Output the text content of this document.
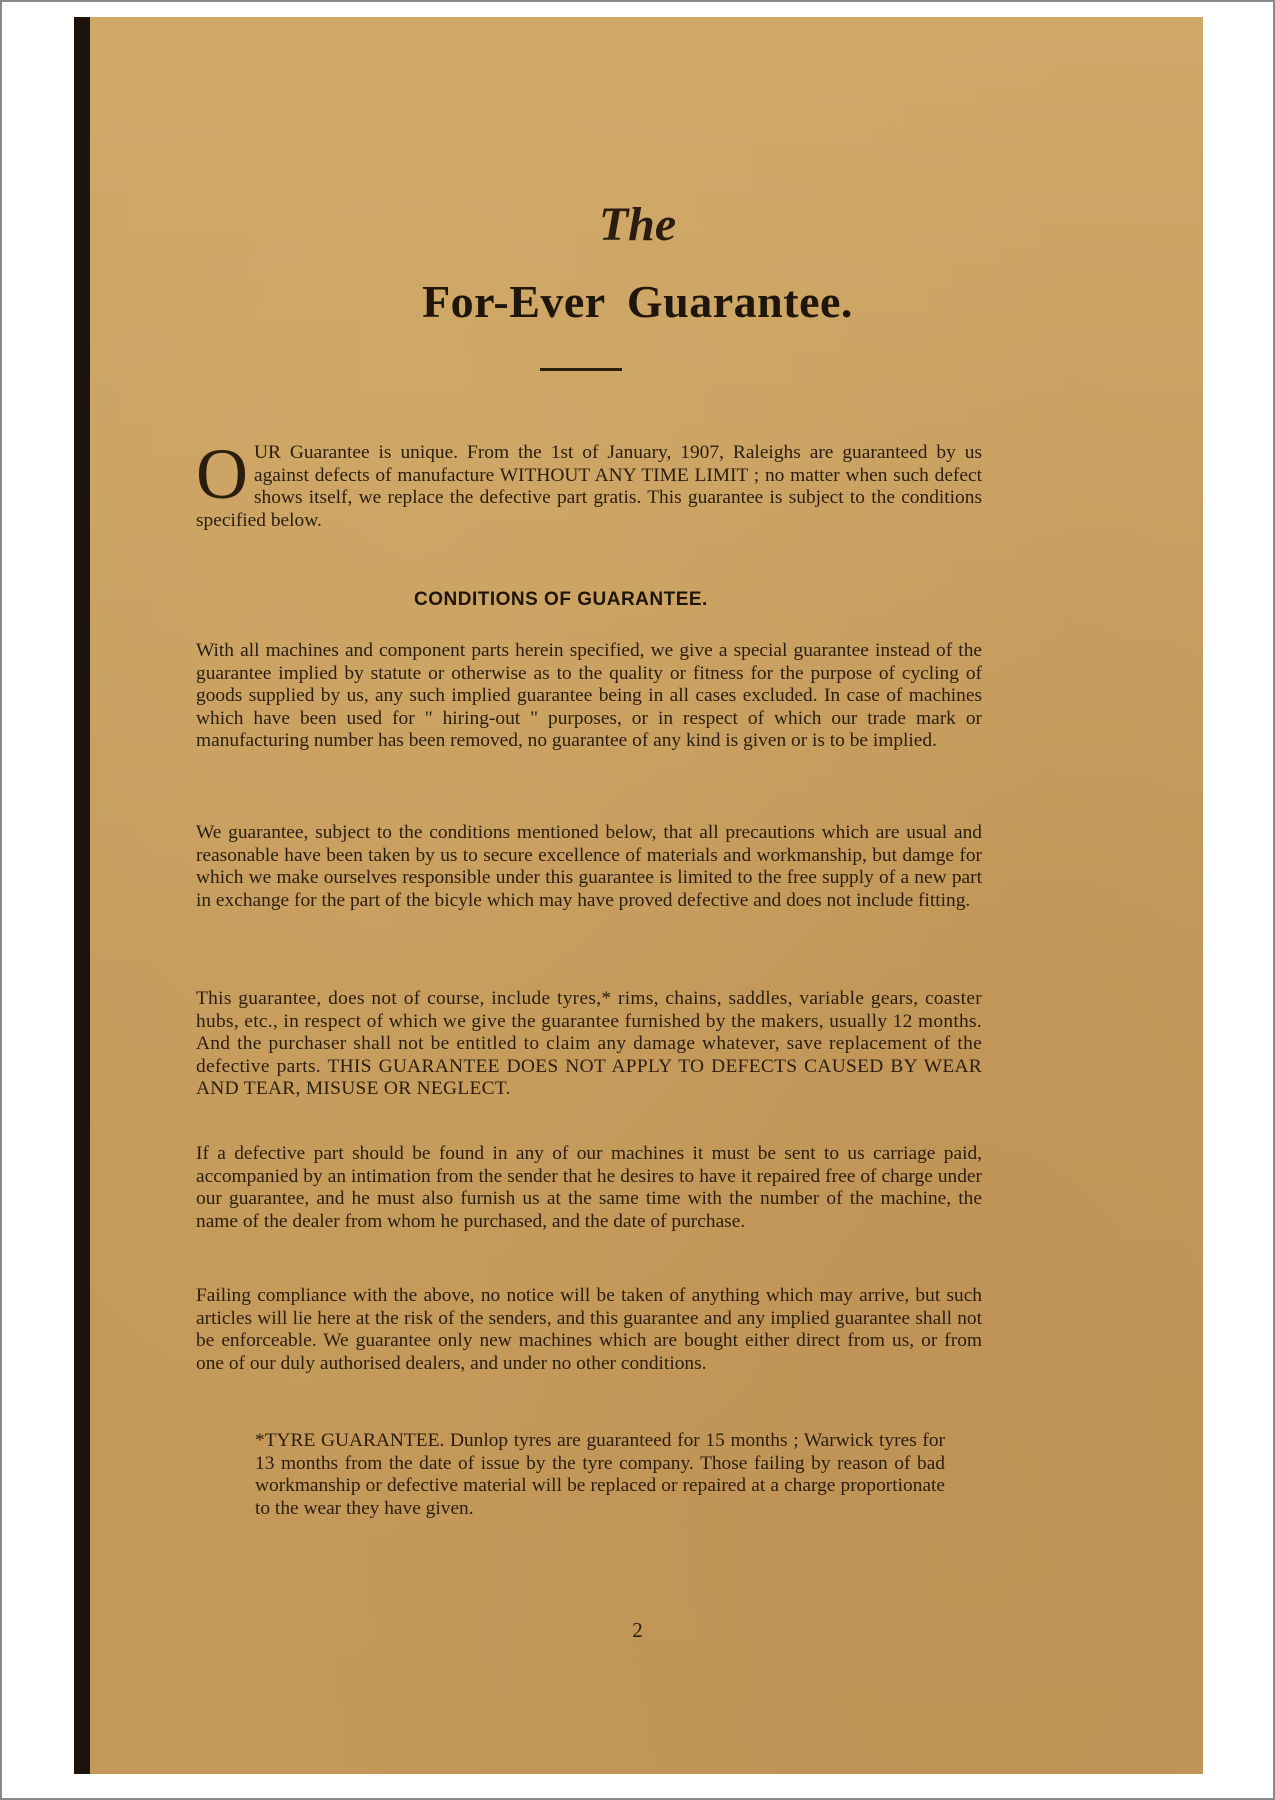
The
For-Ever Guarantee.
O UR Guarantee is unique. From the 1st of January, 1907, Raleighs are guaranteed by us against defects of manufacture WITHOUT ANY TIME LIMIT ; no matter when such defect shows itself, we replace the defective part gratis. This guarantee is subject to the conditions specified below.
CONDITIONS OF GUARANTEE.
With all machines and component parts herein specified, we give a special guarantee instead of the guarantee implied by statute or otherwise as to the quality or fitness for the purpose of cycling of goods supplied by us, any such implied guarantee being in all cases excluded. In case of machines which have been used for " hiring-out " purposes, or in respect of which our trade mark or manufacturing number has been removed, no guarantee of any kind is given or is to be implied.
We guarantee, subject to the conditions mentioned below, that all precautions which are usual and reasonable have been taken by us to secure excellence of materials and workmanship, but damge for which we make ourselves responsible under this guarantee is limited to the free supply of a new part in exchange for the part of the bicyle which may have proved defective and does not include fitting.
This guarantee, does not of course, include tyres,* rims, chains, saddles, variable gears, coaster hubs, etc., in respect of which we give the guarantee furnished by the makers, usually 12 months. And the purchaser shall not be entitled to claim any damage whatever, save replacement of the defective parts. THIS GUARANTEE DOES NOT APPLY TO DEFECTS CAUSED BY WEAR AND TEAR, MISUSE OR NEGLECT.
If a defective part should be found in any of our machines it must be sent to us carriage paid, accompanied by an intimation from the sender that he desires to have it repaired free of charge under our guarantee, and he must also furnish us at the same time with the number of the machine, the name of the dealer from whom he purchased, and the date of purchase.
Failing compliance with the above, no notice will be taken of anything which may arrive, but such articles will lie here at the risk of the senders, and this guarantee and any implied guarantee shall not be enforceable. We guarantee only new machines which are bought either direct from us, or from one of our duly authorised dealers, and under no other conditions.
*TYRE GUARANTEE. Dunlop tyres are guaranteed for 15 months ; Warwick tyres for 13 months from the date of issue by the tyre company. Those failing by reason of bad workmanship or defective material will be replaced or repaired at a charge proportionate to the wear they have given.
2
